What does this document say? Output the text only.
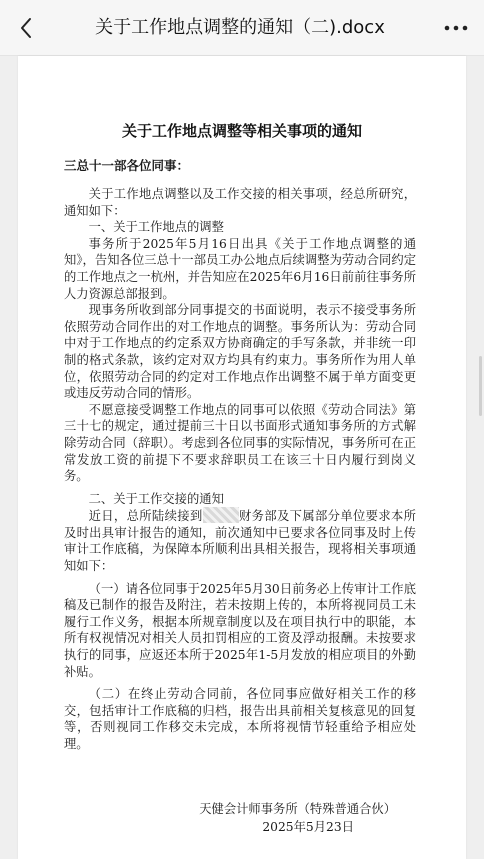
关于工作地点调整的通知（二).docx
关于工作地点调整等相关事项的通知
三总十一部各位同事：

关于工作地点调整以及工作交接的相关事项，经总所研究，通知如下：

一、关于工作地点的调整

事务所于2025年5月16日出具《关于工作地点调整的通知》，告知各位三总十一部员工办公地点后续调整为劳动合同约定的工作地点之一杭州，并告知应在2025年6月16日前前往事务所人力资源总部报到。

现事务所收到部分同事提交的书面说明，表示不接受事务所依照劳动合同作出的对工作地点的调整。事务所认为：劳动合同中对于工作地点的约定系双方协商确定的手写条款，并非统一印制的格式条款，该约定对双方均具有约束力。事务所作为用人单位，依照劳动合同的约定对工作地点作出调整不属于单方面变更或违反劳动合同的情形。

不愿意接受调整工作地点的同事可以依照《劳动合同法》第三十七的规定，通过提前三十日以书面形式通知事务所的方式解除劳动合同（辞职）。考虑到各位同事的实际情况，事务所可在正常发放工资的前提下不要求辞职员工在该三十日内履行到岗义务。

二、关于工作交接的通知

近日，总所陆续接到	财务部及下属部分单位要求本所及时出具审计报告的通知，前次通知中已要求各位同事及时上传审计工作底稿，为保障本所顺利出具相关报告，现将相关事项通知如下：

（一）请各位同事于2025年5月30日前务必上传审计工作底稿及已制作的报告及附注，若未按期上传的，本所将视同员工未履行工作义务，根据本所规章制度以及在项目执行中的职能，本所有权视情况对相关人员扣罚相应的工资及浮动报酬。未按要求执行的同事，应返还本所于2025年1-5月发放的相应项目的外勤补贴。

（二）在终止劳动合同前，各位同事应做好相关工作的移交，包括审计工作底稿的归档，报告出具前相关复核意见的回复等，否则视同工作移交未完成，本所将视情节轻重给予相应处理。

天健会计师事务所（特殊普通合伙）
2025年5月23日
